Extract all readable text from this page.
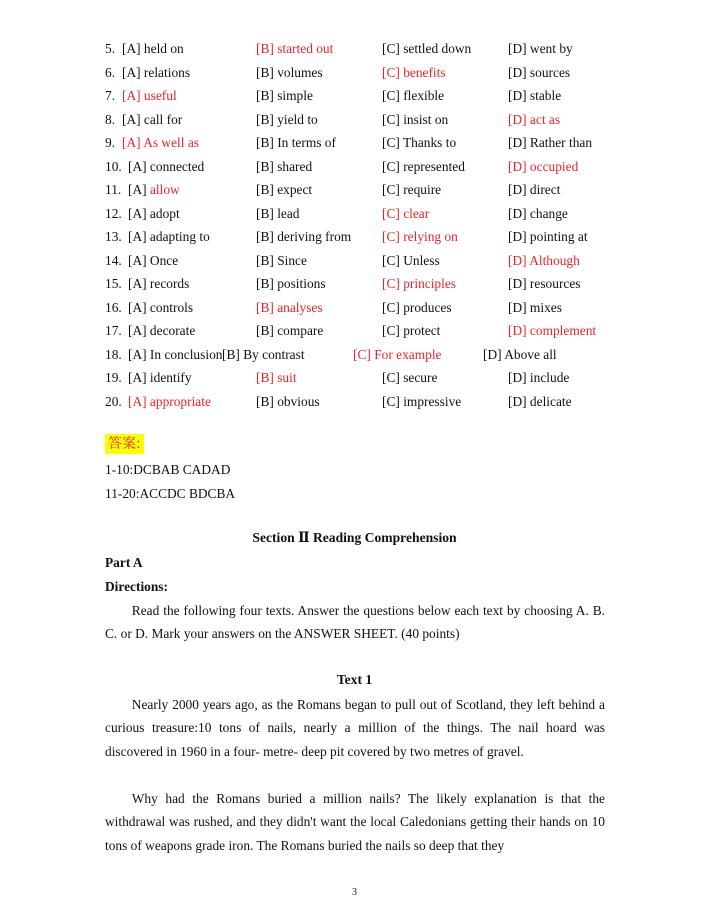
5. [A] held on	[B] started out	[C] settled down	[D] went by
6. [A] relations	[B] volumes	[C] benefits	[D] sources
7. [A] useful	[B] simple	[C] flexible	[D] stable
8. [A] call for	[B] yield to	[C] insist on	[D] act as
9. [A] As well as	[B] In terms of	[C] Thanks to	[D] Rather than
10. [A] connected	[B] shared	[C] represented	[D] occupied
11. [A] allow	[B] expect	[C] require	[D] direct
12. [A] adopt	[B] lead	[C] clear	[D] change
13. [A] adapting to	[B] deriving from [C] relying on	[D] pointing at
14. [A] Once	[B] Since	[C] Unless	[D] Although
15. [A] records	[B] positions	[C] principles	[D] resources
16. [A] controls	[B] analyses	[C] produces	[D] mixes
17. [A] decorate	[B] compare	[C] protect	[D] complement
18. [A] In conclusion [B] By contrast	[C] For example	[D] Above all
19. [A] identify	[B] suit	[C] secure	[D] include
20. [A] appropriate	[B] obvious	[C] impressive	[D] delicate
答案:
1-10:DCBAB CADAD
11-20:ACCDC BDCBA
Section Ⅱ Reading Comprehension
Part A
Directions:
Read the following four texts. Answer the questions below each text by choosing A. B. C. or D. Mark your answers on the ANSWER SHEET. (40 points)
Text 1
Nearly 2000 years ago, as the Romans began to pull out of Scotland, they left behind a curious treasure:10 tons of nails, nearly a million of the things. The nail hoard was discovered in 1960 in a four- metre- deep pit covered by two metres of gravel.
Why had the Romans buried a million nails? The likely explanation is that the withdrawal was rushed, and they didn't want the local Caledonians getting their hands on 10 tons of weapons grade iron. The Romans buried the nails so deep that they
3
